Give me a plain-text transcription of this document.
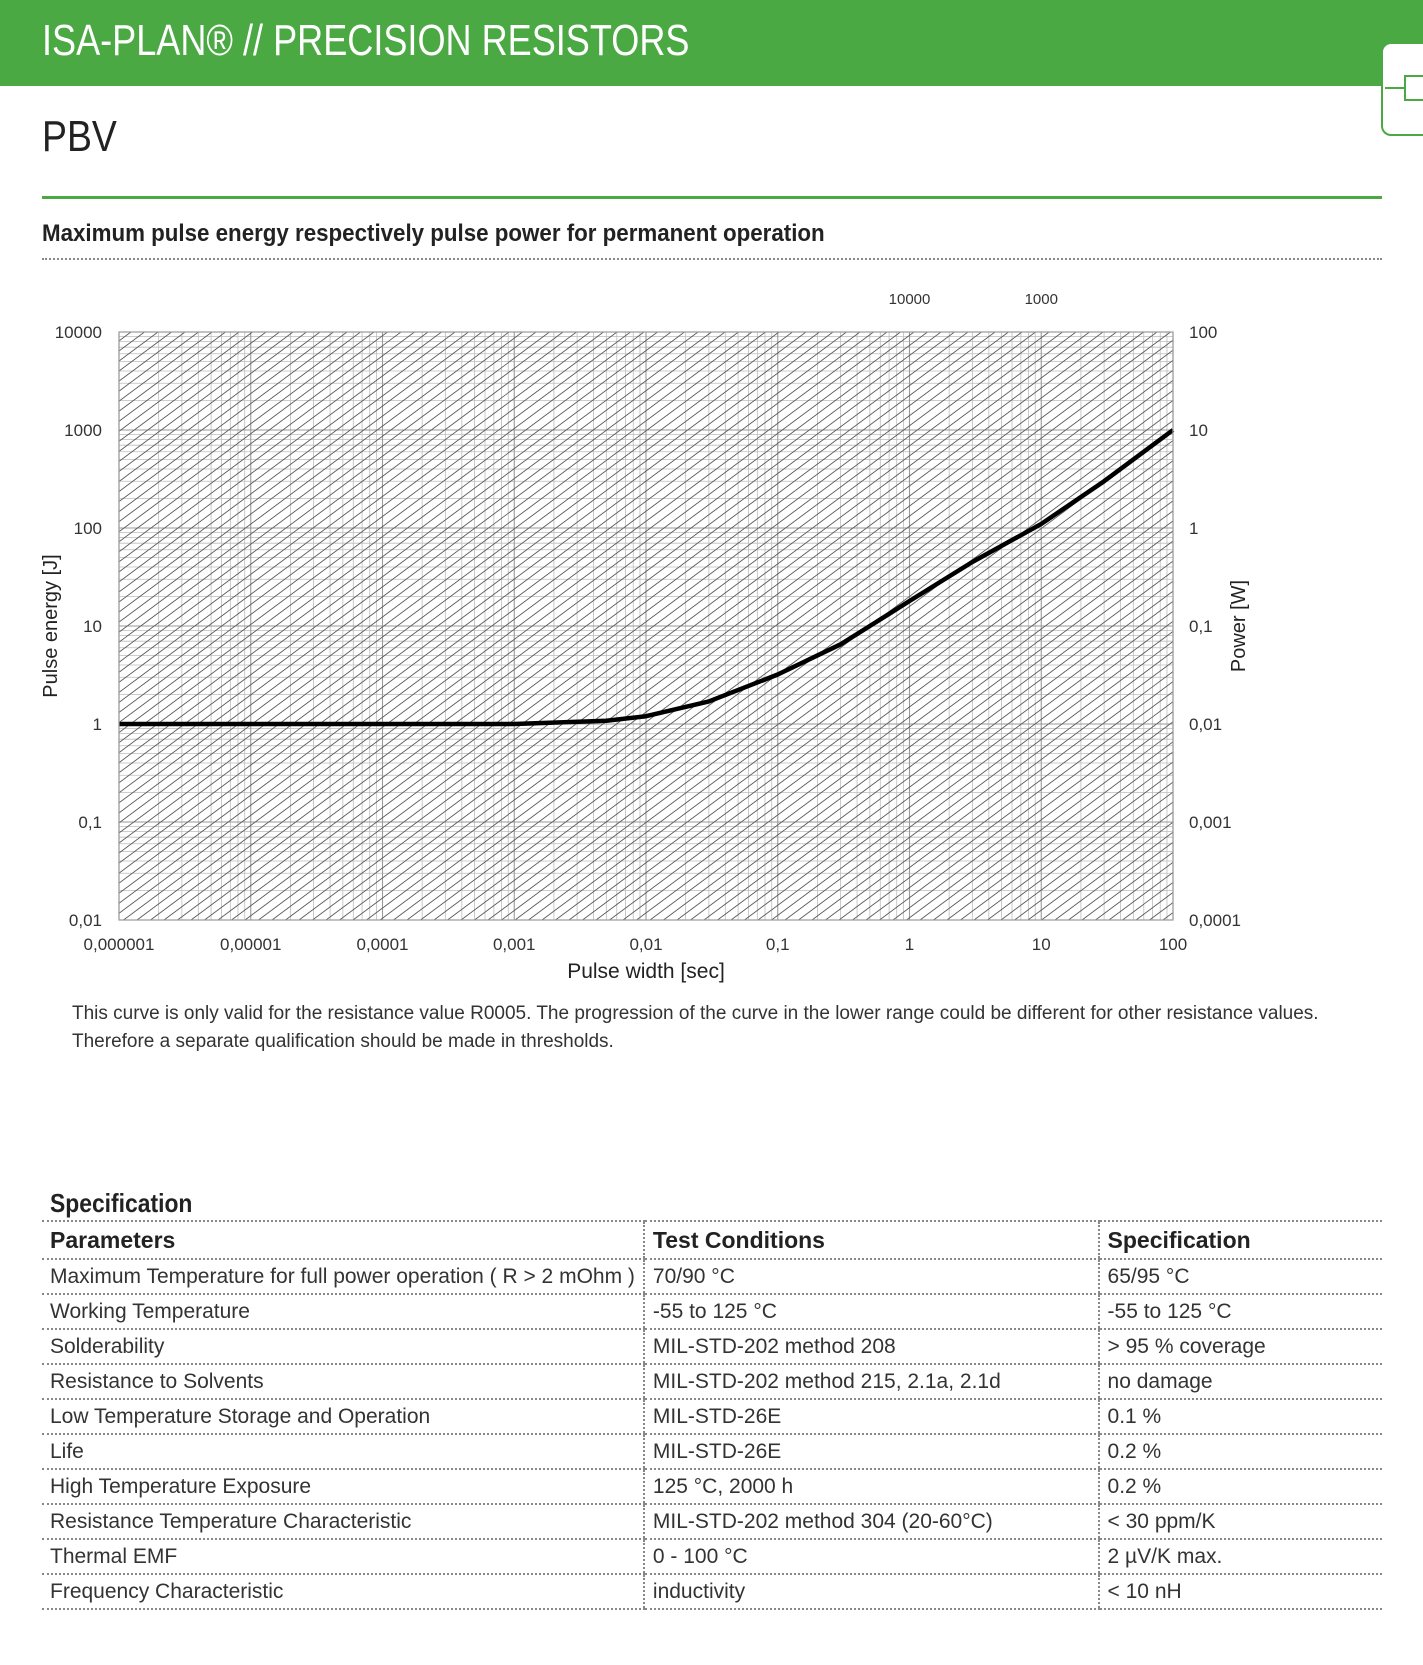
ISA-PLAN® // PRECISION RESISTORS
PBV
Maximum pulse energy respectively pulse power for permanent operation
0,000001	0,00001	0,0001	0,001	0,01	0,1	1	10	100
0,01
0,1
1
10
100
1000
10000
0,0001
0,001
0,01
0,1
1
10
100
10000	1000
Pulse width [sec]
Pulse energy [J]	Power [W]
This curve is only valid for the resistance value R0005. The progression of the curve in the lower range could be different for other resistance values. Therefore a separate qualification should be made in thresholds.
Specification
Parameters	Test Conditions	Specification
Maximum Temperature for full power operation ( R > 2 mOhm )	70/90 °C	65/95 °C
Working Temperature	-55 to 125 °C	-55 to 125 °C
Solderability	MIL-STD-202 method 208	> 95 % coverage
Resistance to Solvents	MIL-STD-202 method 215, 2.1a, 2.1d	no damage
Low Temperature Storage and Operation	MIL-STD-26E	0.1 %
Life	MIL-STD-26E	0.2 %
High Temperature Exposure	125 °C, 2000 h	0.2 %
Resistance Temperature Characteristic	MIL-STD-202 method 304 (20-60°C)	< 30 ppm/K
Thermal EMF	0 - 100 °C	2 µV/K max.
Frequency Characteristic	inductivity	< 10 nH
